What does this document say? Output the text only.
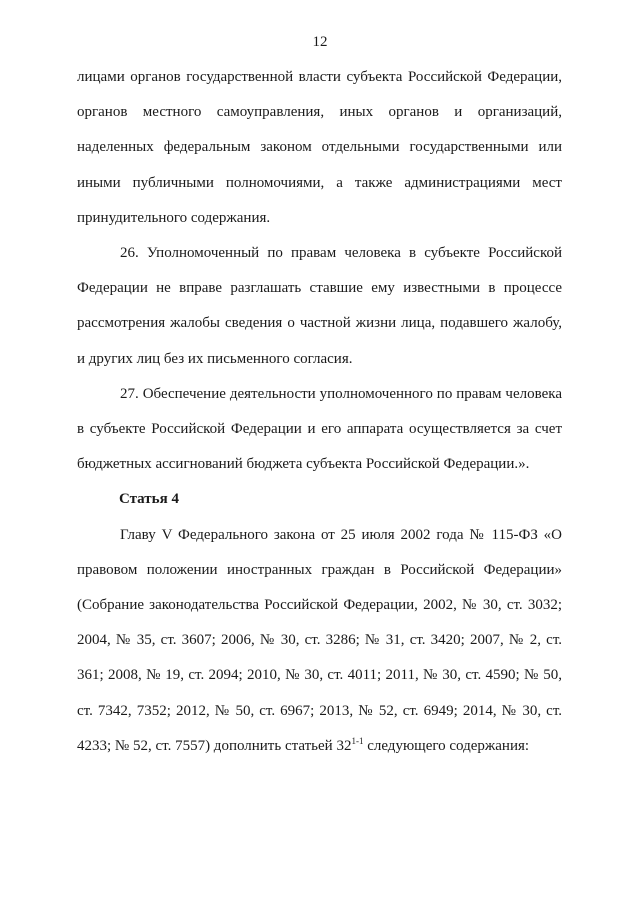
12

лицами органов государственной власти субъекта Российской Федерации, органов местного самоуправления, иных органов и организаций, наделенных федеральным законом отдельными государственными или иными публичными полномочиями, а также администрациями мест принудительного содержания.

26. Уполномоченный по правам человека в субъекте Российской Федерации не вправе разглашать ставшие ему известными в процессе рассмотрения жалобы сведения о частной жизни лица, подавшего жалобу, и других лиц без их письменного согласия.

27. Обеспечение деятельности уполномоченного по правам человека в субъекте Российской Федерации и его аппарата осуществляется за счет бюджетных ассигнований бюджета субъекта Российской Федерации.».

Статья 4

Главу V Федерального закона от 25 июля 2002 года № 115-ФЗ «О правовом положении иностранных граждан в Российской Федерации» (Собрание законодательства Российской Федерации, 2002, № 30, ст. 3032; 2004, № 35, ст. 3607; 2006, № 30, ст. 3286; № 31, ст. 3420; 2007, № 2, ст. 361; 2008, № 19, ст. 2094; 2010, № 30, ст. 4011; 2011, № 30, ст. 4590; № 50, ст. 7342, 7352; 2012, № 50, ст. 6967; 2013, № 52, ст. 6949; 2014, № 30, ст. 4233; № 52, ст. 7557) дополнить статьей 32$^{1-1}$ следующего содержания:
